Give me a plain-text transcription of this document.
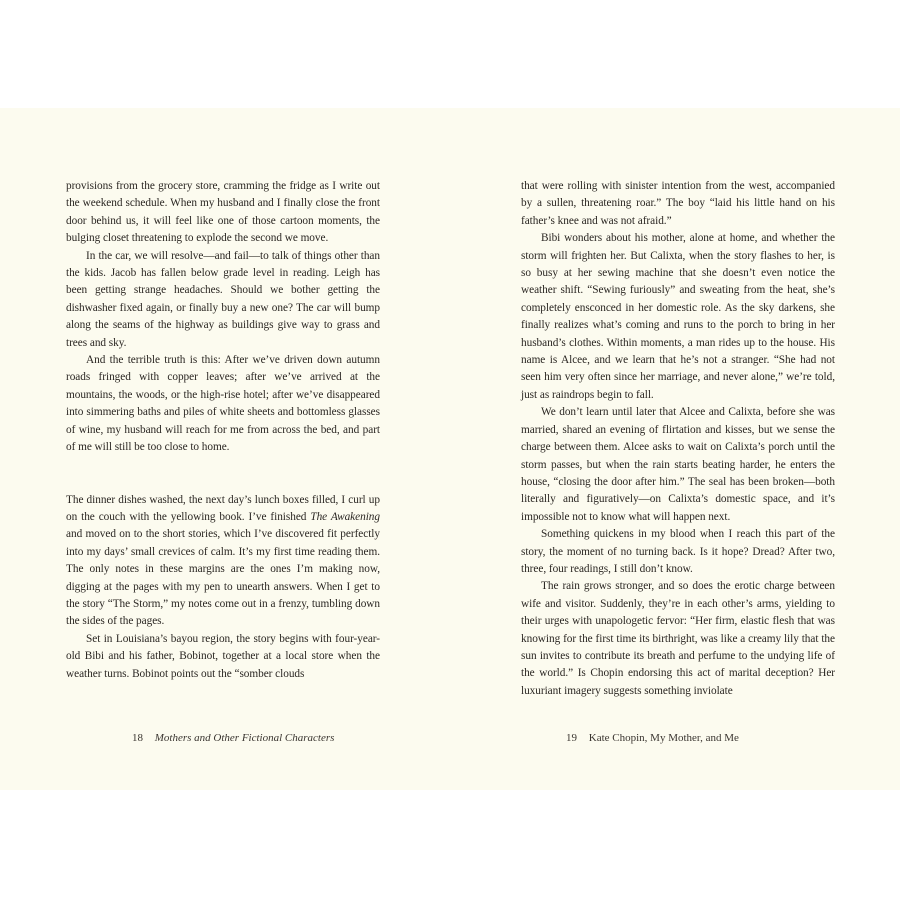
provisions from the grocery store, cramming the fridge as I write out the weekend schedule. When my husband and I finally close the front door behind us, it will feel like one of those cartoon moments, the bulging closet threatening to explode the second we move.

In the car, we will resolve—and fail—to talk of things other than the kids. Jacob has fallen below grade level in reading. Leigh has been getting strange headaches. Should we bother getting the dishwasher fixed again, or finally buy a new one? The car will bump along the seams of the highway as buildings give way to grass and trees and sky.

And the terrible truth is this: After we’ve driven down autumn roads fringed with copper leaves; after we’ve arrived at the mountains, the woods, or the high-rise hotel; after we’ve disappeared into simmering baths and piles of white sheets and bottomless glasses of wine, my husband will reach for me from across the bed, and part of me will still be too close to home.

The dinner dishes washed, the next day’s lunch boxes filled, I curl up on the couch with the yellowing book. I’ve finished The Awakening and moved on to the short stories, which I’ve discovered fit perfectly into my days’ small crevices of calm. It’s my first time reading them. The only notes in these margins are the ones I’m making now, digging at the pages with my pen to unearth answers. When I get to the story “The Storm,” my notes come out in a frenzy, tumbling down the sides of the pages.

Set in Louisiana’s bayou region, the story begins with four-year-old Bibi and his father, Bobinot, together at a local store when the weather turns. Bobinot points out the “somber clouds

that were rolling with sinister intention from the west, accompanied by a sullen, threatening roar.” The boy “laid his little hand on his father’s knee and was not afraid.”

Bibi wonders about his mother, alone at home, and whether the storm will frighten her. But Calixta, when the story flashes to her, is so busy at her sewing machine that she doesn’t even notice the weather shift. “Sewing furiously” and sweating from the heat, she’s completely ensconced in her domestic role. As the sky darkens, she finally realizes what’s coming and runs to the porch to bring in her husband’s clothes. Within moments, a man rides up to the house. His name is Alcee, and we learn that he’s not a stranger. “She had not seen him very often since her marriage, and never alone,” we’re told, just as raindrops begin to fall.

We don’t learn until later that Alcee and Calixta, before she was married, shared an evening of flirtation and kisses, but we sense the charge between them. Alcee asks to wait on Calixta’s porch until the storm passes, but when the rain starts beating harder, he enters the house, “closing the door after him.” The seal has been broken—both literally and figuratively—on Calixta’s domestic space, and it’s impossible not to know what will happen next.

Something quickens in my blood when I reach this part of the story, the moment of no turning back. Is it hope? Dread? After two, three, four readings, I still don’t know.

The rain grows stronger, and so does the erotic charge between wife and visitor. Suddenly, they’re in each other’s arms, yielding to their urges with unapologetic fervor: “Her firm, elastic flesh that was knowing for the first time its birthright, was like a creamy lily that the sun invites to contribute its breath and perfume to the undying life of the world.” Is Chopin endorsing this act of marital deception? Her luxuriant imagery suggests something inviolate

18 Mothers and Other Fictional Characters	19 Kate Chopin, My Mother, and Me
